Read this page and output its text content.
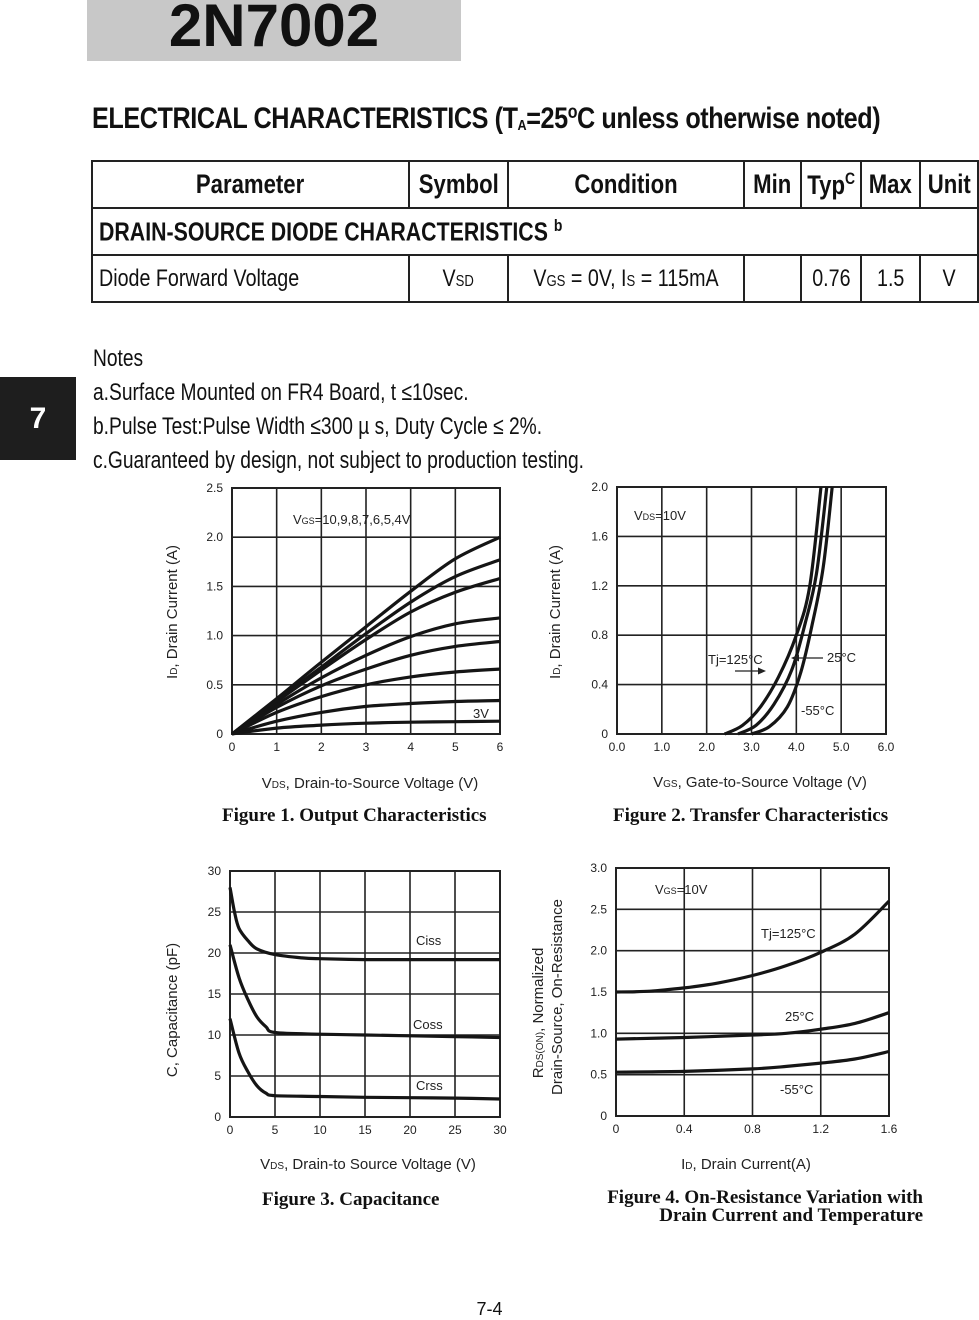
2N7002
7
ELECTRICAL CHARACTERISTICS ($T_A=25^oC$ unless otherwise noted)
Parameter	Symbol	Condition	Min	Typ$^C$	Max	Unit
DRAIN-SOURCE DIODE CHARACTERISTICS $^b$
Diode Forward Voltage	VSD	VGS = 0V, IS = 115mA		0.76	1.5	V
Notes
a.Surface Mounted on FR4 Board, t ≤10sec.
b.Pulse Test:Pulse Width ≤300 µ s, Duty Cycle ≤ 2%.
c.Guaranteed by design, not subject to production testing.
0	1	2	3	4	5	6
0
0.5
1.0
1.5
2.0
2.5
VGS=10,9,8,7,6,5,4V
3V
VDS, Drain-to-Source Voltage (V)
ID, Drain Current (A)
Figure 1. Output Characteristics
0.0 1.0 2.0 3.0 4.0 5.0 6.0
0
0.4
0.8
1.2
1.6
2.0
VDS=10V
Tj=125°C	25°C
-55°C
VGS, Gate-to-Source Voltage (V)
ID, Drain Current (A)
Figure 2. Transfer Characteristics
0	5	10	15	20	25	30
0
5
10
15
20
25
30
Ciss
Coss
Crss
VDS, Drain-to Source Voltage (V)
C, Capacitance (pF)
Figure 3. Capacitance
0	0.4	0.8	1.2	1.6
0
0.5
1.0
1.5
2.0
2.5
3.0
VGS=10V
Tj=125°C
25°C
-55°C
ID, Drain Current(A)
RDS(ON), Normalized Drain-Source, On-Resistance
Figure 4. On-Resistance Variation with
Drain Current and Temperature
7-4
